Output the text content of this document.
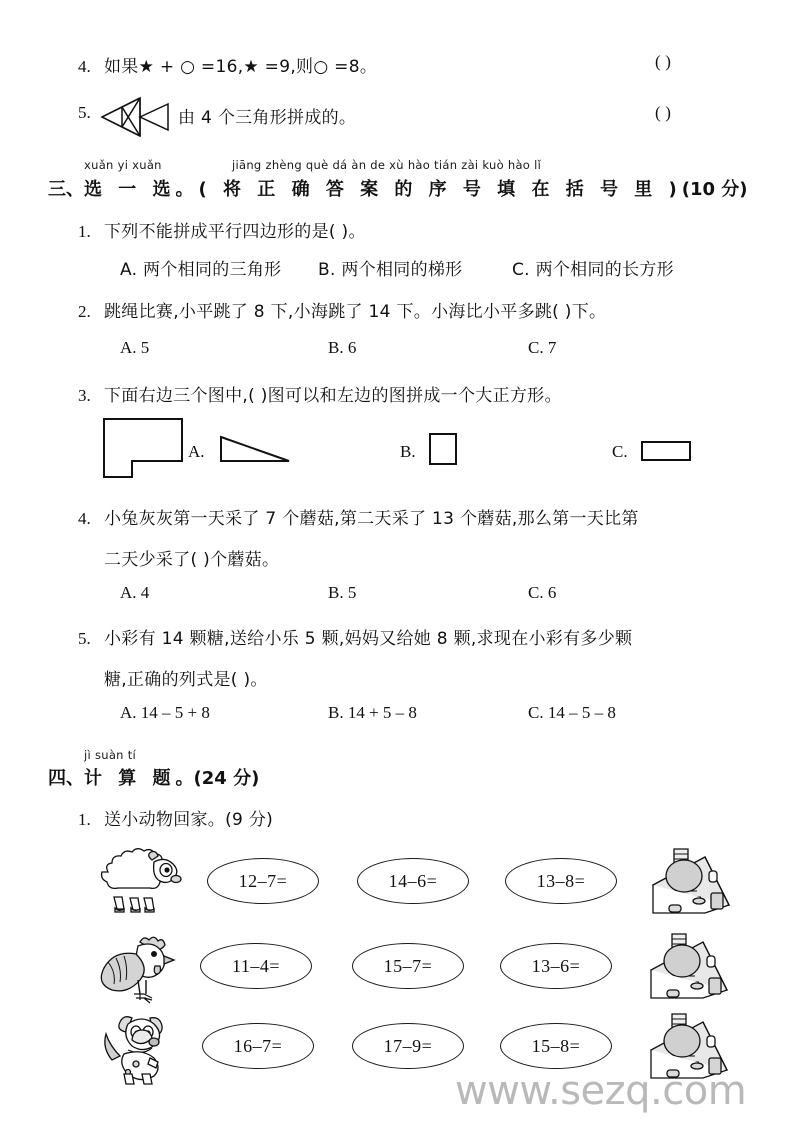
4. 如果★ + ○ =16,★ =9,则○ =8。	( )
5.	由 4 个三角形拼成的。	( )
xuǎn yi xuǎn	jiāng zhèng què dá àn de xù hào tián zài kuò hào lǐ
三、选 一 选。( 将 正 确 答 案 的 序 号 填 在 括 号 里 )(10 分)
1. 下列不能拼成平行四边形的是( )。
A. 两个相同的三角形 B. 两个相同的梯形	C. 两个相同的长方形
2. 跳绳比赛,小平跳了 8 下,小海跳了 14 下。小海比小平多跳( )下。
A. 5	B. 6	C. 7
3. 下面右边三个图中,( )图可以和左边的图拼成一个大正方形。
A.	B.	C.
4. 小兔灰灰第一天采了 7 个蘑菇,第二天采了 13 个蘑菇,那么第一天比第
二天少采了( )个蘑菇。
A. 4	B. 5	C. 6
5. 小彩有 14 颗糖,送给小乐 5 颗,妈妈又给她 8 颗,求现在小彩有多少颗
糖,正确的列式是( )。
A. 14 – 5 + 8	B. 14 + 5 – 8	C. 14 – 5 – 8
jì suàn tí
四、计 算 题。(24 分)
1. 送小动物回家。(9 分)
12–7=	14–6=	13–8=
11–4=	15–7=	13–6=
16–7=	17–9=	15–8=
www.sezq.com
